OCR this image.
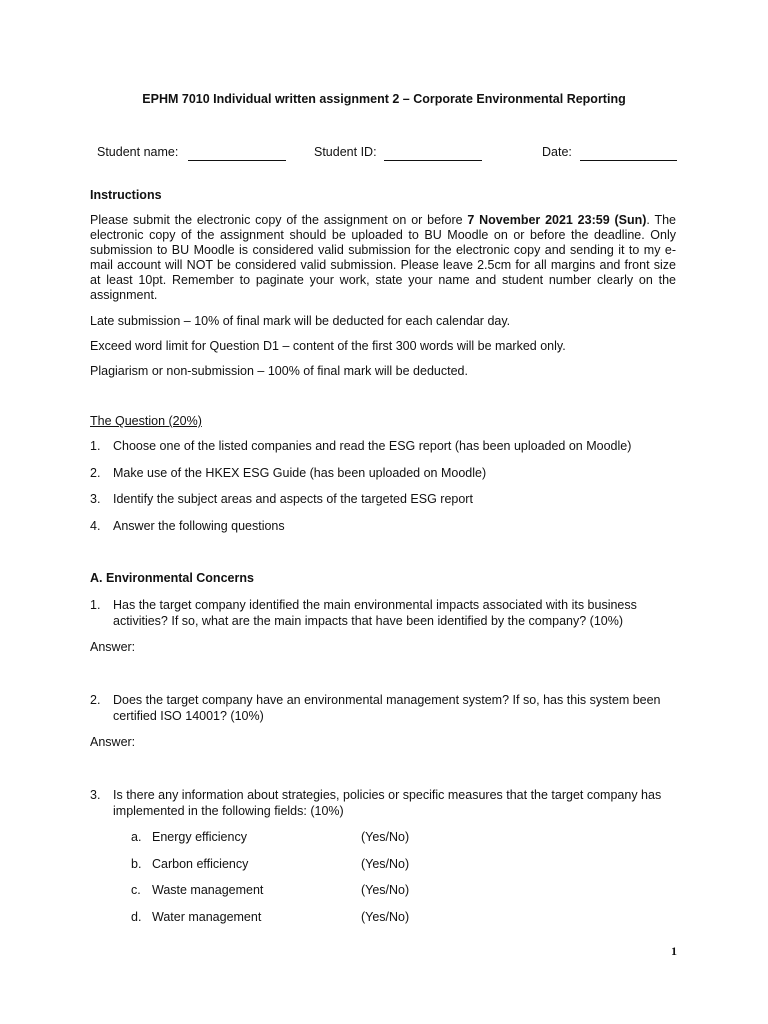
EPHM 7010 Individual written assignment 2 – Corporate Environmental Reporting
Student name:	Student ID:	Date:
Instructions
Please submit the electronic copy of the assignment on or before 7 November 2021 23:59 (Sun). The electronic copy of the assignment should be uploaded to BU Moodle on or before the deadline. Only submission to BU Moodle is considered valid submission for the electronic copy and sending it to my e-mail account will NOT be considered valid submission. Please leave 2.5cm for all margins and front size at least 10pt. Remember to paginate your work, state your name and student number clearly on the assignment.
Late submission – 10% of final mark will be deducted for each calendar day.
Exceed word limit for Question D1 – content of the first 300 words will be marked only.
Plagiarism or non-submission – 100% of final mark will be deducted.
The Question (20%)
1. Choose one of the listed companies and read the ESG report (has been uploaded on Moodle)
2. Make use of the HKEX ESG Guide (has been uploaded on Moodle)
3. Identify the subject areas and aspects of the targeted ESG report
4. Answer the following questions
A. Environmental Concerns
1. Has the target company identified the main environmental impacts associated with its business
activities? If so, what are the main impacts that have been identified by the company? (10%)
Answer:
2. Does the target company have an environmental management system? If so, has this system been
certified ISO 14001? (10%)
Answer:
3. Is there any information about strategies, policies or specific measures that the target company has
implemented in the following fields: (10%)
a. Energy efficiency	(Yes/No)
b. Carbon efficiency	(Yes/No)
c. Waste management	(Yes/No)
d. Water management	(Yes/No)
1
